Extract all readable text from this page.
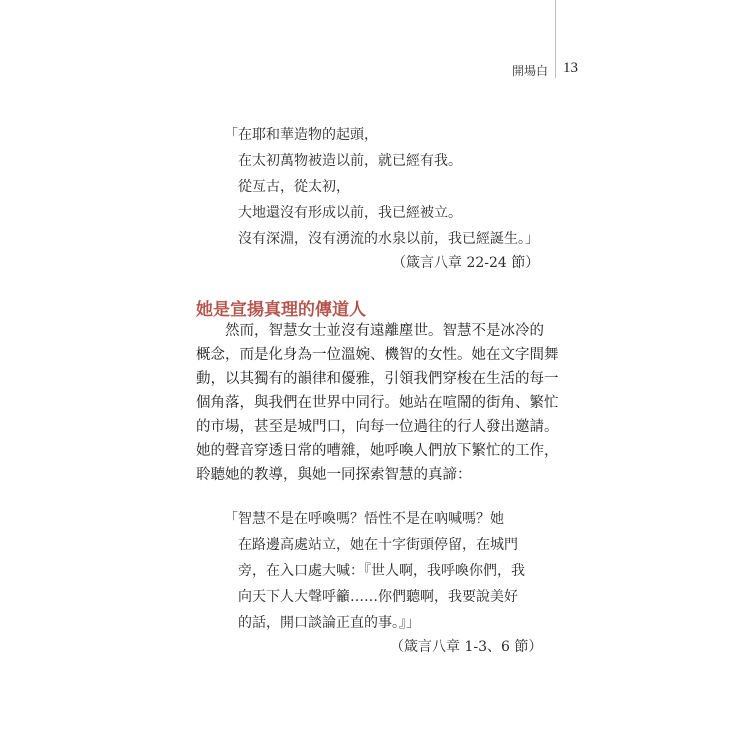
開場白 13
「在耶和華造物的起頭，
在太初萬物被造以前，就已經有我。
從亙古，從太初，
大地還沒有形成以前，我已經被立。
沒有深淵，沒有湧流的水泉以前，我已經誕生。」
（箴言八章 22-24 節）
她是宣揚真理的傳道人
然而，智慧女士並沒有遠離塵世。智慧不是冰冷的
概念，而是化身為一位溫婉、機智的女性。她在文字間舞
動，以其獨有的韻律和優雅，引領我們穿梭在生活的每一
個角落，與我們在世界中同行。她站在喧鬧的街角、繁忙
的市場，甚至是城門口，向每一位過往的行人發出邀請。
她的聲音穿透日常的嘈雜，她呼喚人們放下繁忙的工作，
聆聽她的教導，與她一同探索智慧的真諦：
「智慧不是在呼喚嗎？悟性不是在吶喊嗎？她
在路邊高處站立，她在十字街頭停留，在城門
旁，在入口處大喊：『世人啊，我呼喚你們，我
向天下人大聲呼籲……你們聽啊，我要說美好
的話，開口談論正直的事。』」
（箴言八章 1-3、6 節）
